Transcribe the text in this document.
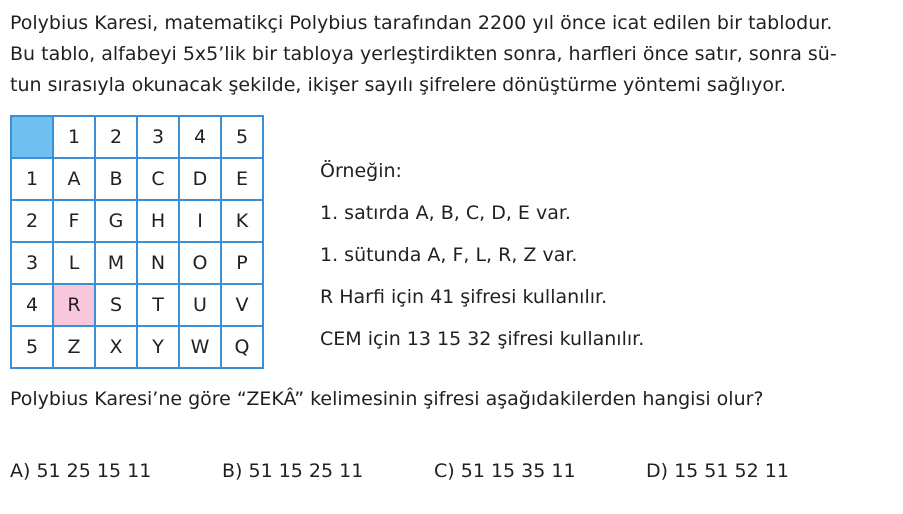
Polybius Karesi, matematikçi Polybius tarafından 2200 yıl önce icat edilen bir tablodur.
Bu tablo, alfabeyi 5x5’lik bir tabloya yerleştirdikten sonra, harfleri önce satır, sonra sü-
tun sırasıyla okunacak şekilde, ikişer sayılı şifrelere dönüştürme yöntemi sağlıyor.
	1	2	3	4	5
1	A	B	C	D	E
2	F	G	H	I	K
3	L	M	N	O	P
4	R	S	T	U	V
5	Z	X	Y	W	Q
Örneğin:
1. satırda A, B, C, D, E var.
1. sütunda A, F, L, R, Z var.
R Harfi için 41 şifresi kullanılır.
CEM için 13 15 32 şifresi kullanılır.
Polybius Karesi’ne göre “ZEKÂ” kelimesinin şifresi aşağıdakilerden hangisi olur?
A) 51 25 15 11	B) 51 15 25 11	C) 51 15 35 11	D) 15 51 52 11
